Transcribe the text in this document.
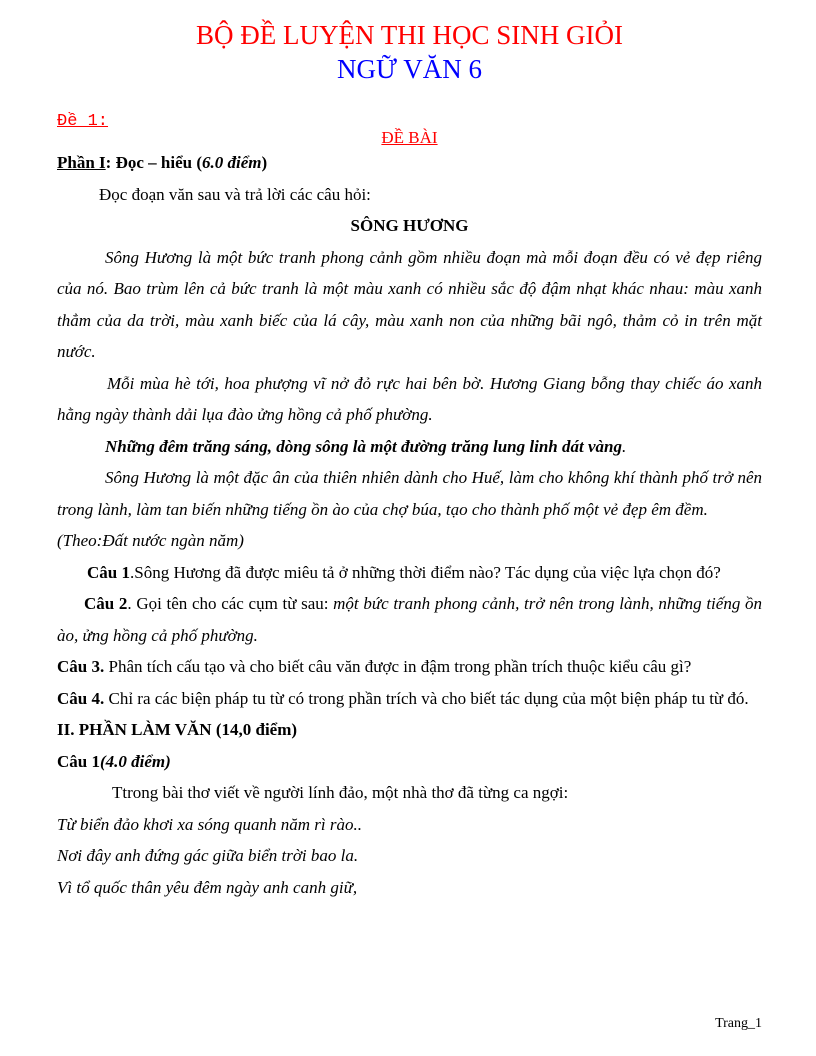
BỘ ĐỀ LUYỆN THI HỌC SINH GIỎI
NGỮ VĂN 6
Đề 1:
ĐỀ BÀI

Phần I: Đọc – hiểu (6.0 điểm)

Đọc đoạn văn sau và trả lời các câu hỏi:

SÔNG HƯƠNG

Sông Hương là một bức tranh phong cảnh gồm nhiều đoạn mà mỗi đoạn đều có vẻ đẹp riêng của nó. Bao trùm lên cả bức tranh là một màu xanh có nhiều sắc độ đậm nhạt khác nhau: màu xanh thẳm của da trời, màu xanh biếc của lá cây, màu xanh non của những bãi ngô, thảm cỏ in trên mặt nước.

Mỗi mùa hè tới, hoa phượng vĩ nở đỏ rực hai bên bờ. Hương Giang bỗng thay chiếc áo xanh hằng ngày thành dải lụa đào ửng hồng cả phố phường.

Những đêm trăng sáng, dòng sông là một đường trăng lung linh dát vàng.

Sông Hương là một đặc ân của thiên nhiên dành cho Huế, làm cho không khí thành phố trở nên trong lành, làm tan biến những tiếng ồn ào của chợ búa, tạo cho thành phố một vẻ đẹp êm đềm.

(Theo:Đất nước ngàn năm)

Câu 1.Sông Hương đã được miêu tả ở những thời điểm nào? Tác dụng của việc lựa chọn đó?

Câu 2. Gọi tên cho các cụm từ sau: một bức tranh phong cảnh, trở nên trong lành, những tiếng ồn ào, ửng hồng cả phố phường.

Câu 3. Phân tích cấu tạo và cho biết câu văn được in đậm trong phần trích thuộc kiểu câu gì?

Câu 4. Chỉ ra các biện pháp tu từ có trong phần trích và cho biết tác dụng của một biện pháp tu từ đó.

II. PHẦN LÀM VĂN (14,0 điểm)

Câu 1(4.0 điểm)

Ttrong bài thơ viết về người lính đảo, một nhà thơ đã từng ca ngợi:

Từ biển đảo khơi xa sóng quanh năm rì rào..

Nơi đây anh đứng gác giữa biển trời bao la.

Vì tổ quốc thân yêu đêm ngày anh canh giữ,

Trang_1
